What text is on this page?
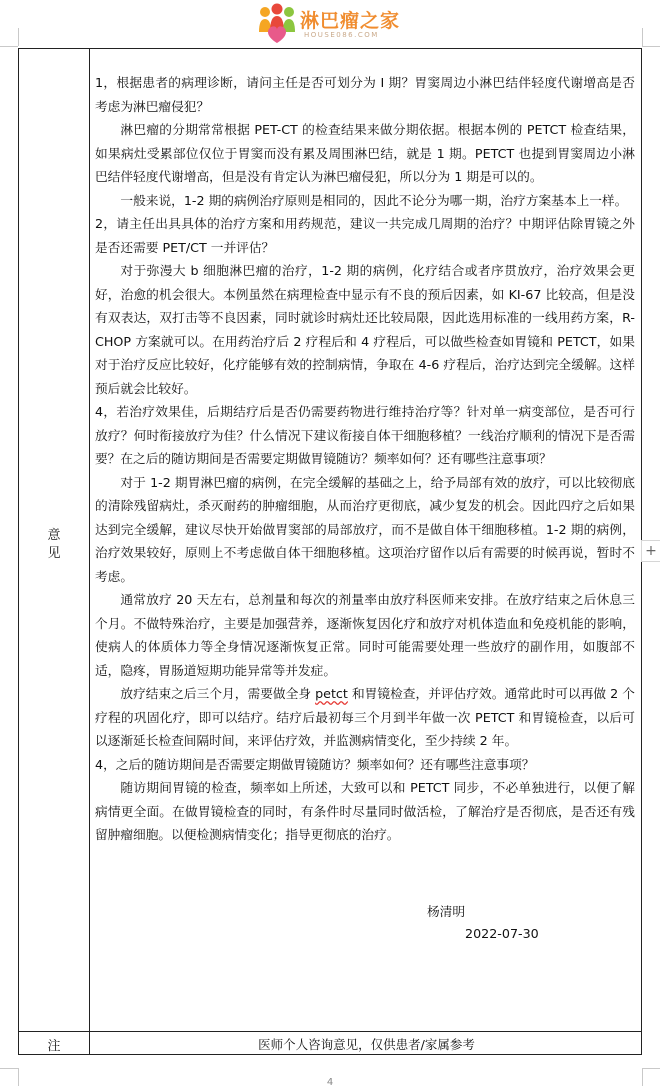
淋巴瘤之家
HOUSE086.COM
意
见
注	医师个人咨询意见，仅供患者/家属参考

1，根据患者的病理诊断，请问主任是否可划分为 I 期？胃窦周边小淋巴结伴轻度代谢增高是否考虑为淋巴瘤侵犯？

淋巴瘤的分期常常根据 PET-CT 的检查结果来做分期依据。根据本例的 PETCT 检查结果，如果病灶受累部位仅位于胃窦而没有累及周围淋巴结，就是 1 期。PETCT 也提到胃窦周边小淋巴结伴轻度代谢增高，但是没有肯定认为淋巴瘤侵犯，所以分为 1 期是可以的。

一般来说，1-2 期的病例治疗原则是相同的，因此不论分为哪一期，治疗方案基本上一样。

2，请主任出具具体的治疗方案和用药规范，建议一共完成几周期的治疗？中期评估除胃镜之外是否还需要 PET/CT 一并评估？

对于弥漫大 b 细胞淋巴瘤的治疗，1-2 期的病例，化疗结合或者序贯放疗，治疗效果会更好，治愈的机会很大。本例虽然在病理检查中显示有不良的预后因素，如 KI-67 比较高，但是没有双表达，双打击等不良因素，同时就诊时病灶还比较局限，因此选用标准的一线用药方案，R-CHOP 方案就可以。在用药治疗后 2 疗程后和 4 疗程后，可以做些检查如胃镜和 PETCT，如果对于治疗反应比较好，化疗能够有效的控制病情，争取在 4-6 疗程后，治疗达到完全缓解。这样预后就会比较好。

4，若治疗效果佳，后期结疗后是否仍需要药物进行维持治疗等？针对单一病变部位，是否可行放疗？何时衔接放疗为佳？什么情况下建议衔接自体干细胞移植？一线治疗顺利的情况下是否需要？在之后的随访期间是否需要定期做胃镜随访？频率如何？还有哪些注意事项？

对于 1-2 期胃淋巴瘤的病例，在完全缓解的基础之上，给予局部有效的放疗，可以比较彻底的清除残留病灶，杀灭耐药的肿瘤细胞，从而治疗更彻底，减少复发的机会。因此四疗之后如果达到完全缓解，建议尽快开始做胃窦部的局部放疗，而不是做自体干细胞移植。1-2 期的病例，治疗效果较好，原则上不考虑做自体干细胞移植。这项治疗留作以后有需要的时候再说，暂时不考虑。

通常放疗 20 天左右，总剂量和每次的剂量率由放疗科医师来安排。在放疗结束之后休息三个月。不做特殊治疗，主要是加强营养，逐渐恢复因化疗和放疗对机体造血和免疫机能的影响，使病人的体质体力等全身情况逐渐恢复正常。同时可能需要处理一些放疗的副作用，如腹部不适，隐疼，胃肠道短期功能异常等并发症。

放疗结束之后三个月，需要做全身 petct 和胃镜检查，并评估疗效。通常此时可以再做 2 个疗程的巩固化疗，即可以结疗。结疗后最初每三个月到半年做一次 PETCT 和胃镜检查，以后可以逐渐延长检查间隔时间，来评估疗效，并监测病情变化，至少持续 2 年。

4，之后的随访期间是否需要定期做胃镜随访？频率如何？还有哪些注意事项？

随访期间胃镜的检查，频率如上所述，大致可以和 PETCT 同步，不必单独进行，以便了解病情更全面。在做胃镜检查的同时，有条件时尽量同时做活检，了解治疗是否彻底，是否还有残留肿瘤细胞。以便检测病情变化；指导更彻底的治疗。

杨清明
2022-07-30
+
4
